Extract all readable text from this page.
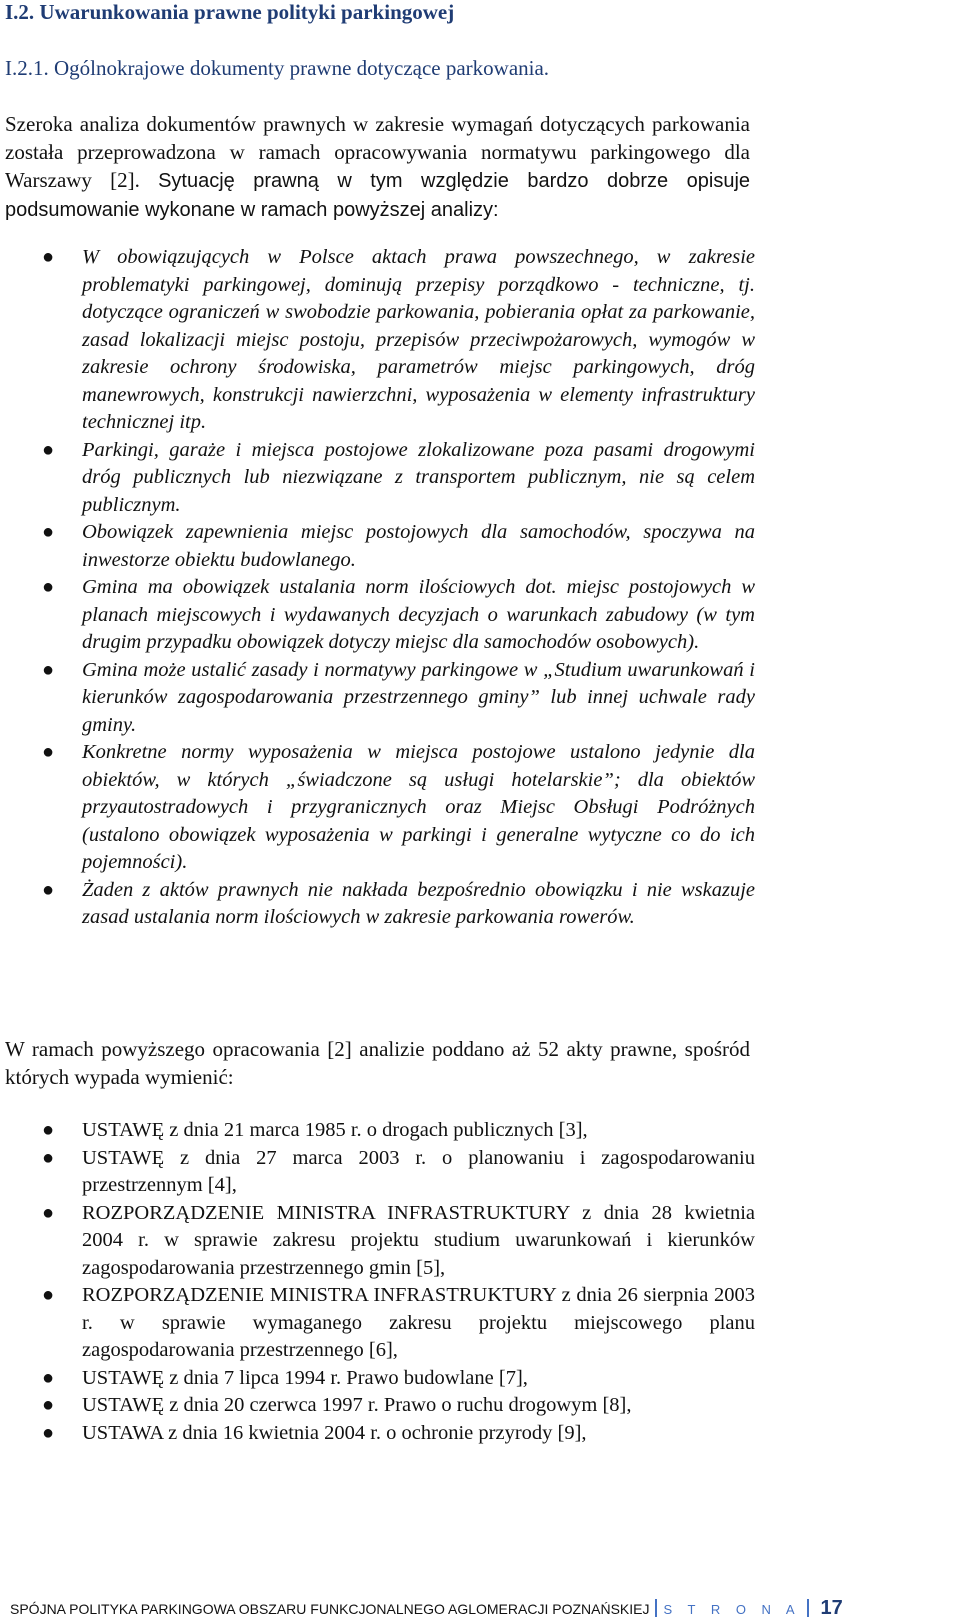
I.2. Uwarunkowania prawne polityki parkingowej
I.2.1. Ogólnokrajowe dokumenty prawne dotyczące parkowania.
Szeroka analiza dokumentów prawnych w zakresie wymagań dotyczących parkowania została przeprowadzona w ramach opracowywania normatywu parkingowego dla Warszawy [2]. Sytuację prawną w tym względzie bardzo dobrze opisuje podsumowanie wykonane w ramach powyższej analizy:
● W obowiązujących w Polsce aktach prawa powszechnego, w zakresie problematyki parkingowej, dominują przepisy porządkowo - techniczne, tj. dotyczące ograniczeń w swobodzie parkowania, pobierania opłat za parkowanie, zasad lokalizacji miejsc postoju, przepisów przeciwpożarowych, wymogów w zakresie ochrony środowiska, parametrów miejsc parkingowych, dróg manewrowych, konstrukcji nawierzchni, wyposażenia w elementy infrastruktury technicznej itp.
● Parkingi, garaże i miejsca postojowe zlokalizowane poza pasami drogowymi dróg publicznych lub niezwiązane z transportem publicznym, nie są celem publicznym.
● Obowiązek zapewnienia miejsc postojowych dla samochodów, spoczywa na inwestorze obiektu budowlanego.
● Gmina ma obowiązek ustalania norm ilościowych dot. miejsc postojowych w planach miejscowych i wydawanych decyzjach o warunkach zabudowy (w tym drugim przypadku obowiązek dotyczy miejsc dla samochodów osobowych).
● Gmina może ustalić zasady i normatywy parkingowe w „Studium uwarunkowań i kierunków zagospodarowania przestrzennego gminy” lub innej uchwale rady gminy.
● Konkretne normy wyposażenia w miejsca postojowe ustalono jedynie dla obiektów, w których „świadczone są usługi hotelarskie”; dla obiektów przyautostradowych i przygranicznych oraz Miejsc Obsługi Podróżnych (ustalono obowiązek wyposażenia w parkingi i generalne wytyczne co do ich pojemności).
● Żaden z aktów prawnych nie nakłada bezpośrednio obowiązku i nie wskazuje zasad ustalania norm ilościowych w zakresie parkowania rowerów.
W ramach powyższego opracowania [2] analizie poddano aż 52 akty prawne, spośród których wypada wymienić:
● USTAWĘ z dnia 21 marca 1985 r. o drogach publicznych [3],
● USTAWĘ z dnia 27 marca 2003 r. o planowaniu i zagospodarowaniu przestrzennym [4],
● ROZPORZĄDZENIE MINISTRA INFRASTRUKTURY z dnia 28 kwietnia 2004 r. w sprawie zakresu projektu studium uwarunkowań i kierunków zagospodarowania przestrzennego gmin [5],
● ROZPORZĄDZENIE MINISTRA INFRASTRUKTURY z dnia 26 sierpnia 2003 r. w sprawie wymaganego zakresu projektu miejscowego planu zagospodarowania przestrzennego [6],
● USTAWĘ z dnia 7 lipca 1994 r. Prawo budowlane [7],
● USTAWĘ z dnia 20 czerwca 1997 r. Prawo o ruchu drogowym [8],
● USTAWA z dnia 16 kwietnia 2004 r. o ochronie przyrody [9],
SPÓJNA POLITYKA PARKINGOWA OBSZARU FUNKCJONALNEGO AGLOMERACJI POZNAŃSKIEJ S T R O N A 17
